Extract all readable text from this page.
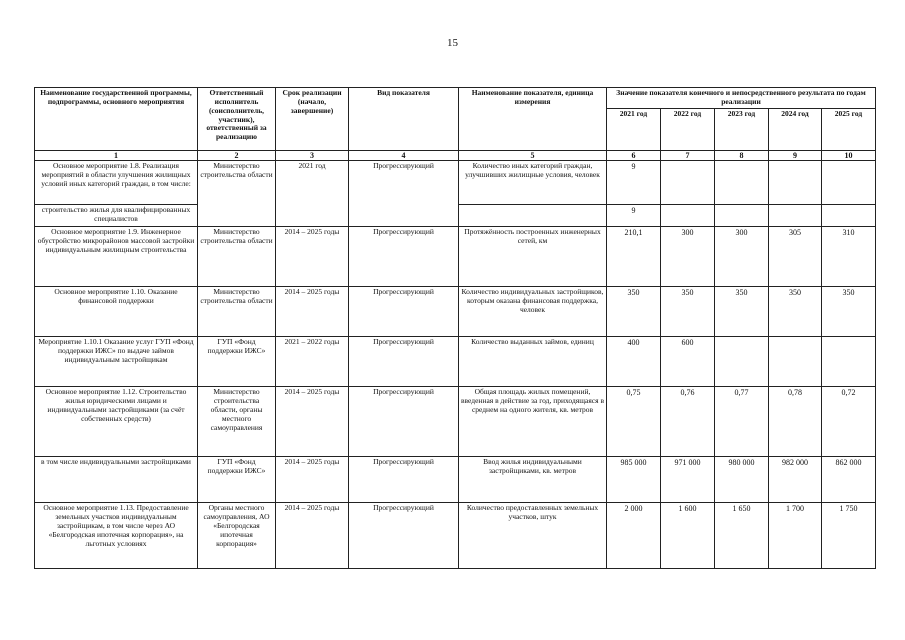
15
Наименование государственной программы, подпрограммы, основного мероприятия	Ответственный исполнитель (соисполнитель, участник), ответственный за реализацию	Срок реализации (начало, завершение)	Вид показателя	Наименование показателя, единица измерения	Значение показателя конечного и непосредственного результата по годам реализации				
					2021 год	2022 год	2023 год	2024 год	2025 год
1	2	3	4	5	6	7	8	9	10
Основное мероприятие 1.8. Реализация мероприятий в области улучшения жилищных условий иных категорий граждан, в том числе:	Министерство строительства области	2021 год	Прогрессирующий	Количество иных категорий граждан, улучшивших жилищные условия, человек	9				
строительство жилья для квалифицированных специалистов					9				
Основное мероприятие 1.9. Инженерное обустройство микрорайонов массовой застройки индивидуальным жилищным строительства	Министерство строительства области	2014 – 2025 годы	Прогрессирующий	Протяжённость построенных инженерных сетей, км	210,1	300	300	305	310
Основное мероприятие 1.10. Оказание финансовой поддержки	Министерство строительства области	2014 – 2025 годы	Прогрессирующий	Количество индивидуальных застройщиков, которым оказана финансовая поддержка, человек	350	350	350	350	350
Мероприятие 1.10.1 Оказание услуг ГУП «Фонд поддержки ИЖС» по выдаче займов индивидуальным застройщикам	ГУП «Фонд поддержки ИЖС»	2021 – 2022 годы	Прогрессирующий	Количество выданных займов, единиц	400	600			
Основное мероприятие 1.12. Строительство жилья юридическими лицами и индивидуальными застройщиками (за счёт собственных средств)	Министерство строительства области, органы местного самоуправления	2014 – 2025 годы	Прогрессирующий	Общая площадь жилых помещений, введенная в действие за год, приходящаяся в среднем на одного жителя, кв. метров	0,75	0,76	0,77	0,78	0,72
в том числе индивидуальными застройщиками	ГУП «Фонд поддержки ИЖС»	2014 – 2025 годы	Прогрессирующий	Ввод жилья индивидуальными застройщиками, кв. метров	985 000	971 000	980 000	982 000	862 000
Основное мероприятие 1.13. Предоставление земельных участков индивидуальным застройщикам, в том числе через АО «Белгородская ипотечная корпорация», на льготных условиях	Органы местного самоуправления, АО «Белгородская ипотечная корпорация»	2014 – 2025 годы	Прогрессирующий	Количество предоставленных земельных участков, штук	2 000	1 600	1 650	1 700	1 750
